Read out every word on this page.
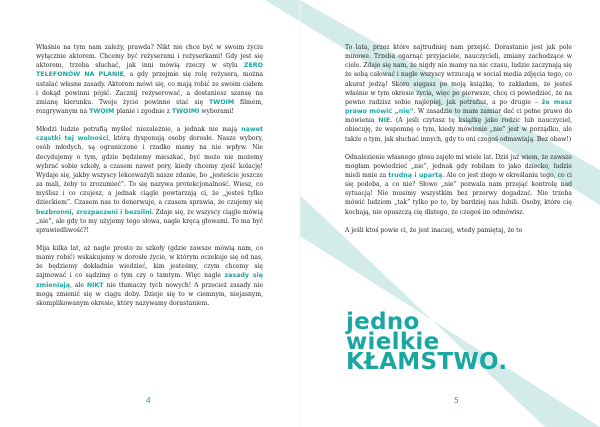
Właśnie na tym nam zależy, prawda? Nikt nie chce być w swoim życiu wyłącznie aktorem. Chcemy być reżyserami i reżyserkami! Gdy jest się aktorem, trzeba słuchać, jak inni mówią rzeczy w stylu ZERO TELEFONÓW NA PLANIE, a gdy przejmie się rolę reżysera, można ustalać własne zasady. Aktorom mówi się, co mają robić ze swoim ciałem i dokąd powinni pójść. Zacznij reżyserować, a dostaniesz szansę na zmianę kierunku. Twoje życie powinno stać się TWOIM filmem, rozgrywanym na TWOIM planie i zgodnie z TWOIMI wyborami!

Młodzi ludzie potrafią myśleć niezależnie, a jednak nie mają nawet cząstki tej wolności, którą dysponują osoby dorosłe. Nasze wybory, osób młodych, są ograniczone i rzadko mamy na nie wpływ. Nie decydujemy o tym, gdzie będziemy mieszkać, być może nie możemy wybrać sobie szkoły, a czasem nawet pory, kiedy chcemy zjeść kolację! Wydaje się, jakby wszyscy lekceważyli nasze zdanie, bo „jesteście jeszcze za mali, żeby to zrozumieć”. To się nazywa protekcjonalność. Wiesz, co myślisz i co czujesz, a jednak ciągle powtarzają ci, że „jesteś tylko dzieckiem”. Czasem nas to denerwuje, a czasem sprawia, że czujemy się bezbronni, zrozpaczeni i bezsilni. Zdaje się, że wszyscy ciągle mówią „nie”, ale gdy to my użyjemy tego słowa, nagle kręcą głowami. To ma być sprawiedliwość?!

Mija kilka lat, aż nagle prosto ze szkoły (gdzie zawsze mówią nam, co mamy robić) wskakujemy w dorosłe życie, w którym oczekuje się od nas, że będziemy dokładnie wiedzieć, kim jesteśmy, czym chcemy się zajmować i co sądzimy o tym czy o tamtym. Więc nagle zasady się zmieniają, ale NIKT nie tłumaczy tych nowych! A przecież zasady nie mogą zmienić się w ciągu doby. Dzieje się to w ciemnym, niejasnym, skomplikowanym okresie, który nazywamy dorastaniem.

4

To lata, przez które najtrudniej nam przejść. Dorastanie jest jak pole minowe. Trzeba ogarnąć przyjaciele, nauczycieli, zmiany zachodzące w ciele. Zdaje się nam, że nigdy nie mamy na nic czasu, ludzie zaczynają się że sobą całować i nagle wszyscy wrzucają w social media zdjęcia tego, co akurat jedzą! Skoro sięgasz po moją książkę, to zakładam, że jesteś właśnie w tym okresie życia, więc po pierwsze, chcę ci powiedzieć, że na pewno radzisz sobie najlepiej, jak potrafisz, a po drugie – że masz prawo mówić „nie”. W zasadzie to mam zamiar dać ci pełne prawo do mówienia NIE. (A jeśli czytasz tę książkę jako rodzic lub nauczyciel, obiecuję, że wspomnę o tym, kiedy mówienie „nie” jest w porządku, ale także o tym, jak słuchać innych, gdy to oni czegoś odmawiają. Bez obaw!)

Odnalezienie własnego głosu zajęło mi wiele lat. Dziś już wiem, że zawsze mogłam powiedzieć „nie”, jednak gdy robiłam to jako dziecko, ludzie mieli mnie za trudną i upartą. Ale co jest złego w określaniu tego, co ci się podoba, a co nie? Słowo „nie” pozwala nam przejąć kontrolę nad sytuacją! Nie musimy wszystkim bez przerwy dogadzać. Nie trzeba mówić ludziom „tak” tylko po to, by bardziej nas lubili. Osoby, które cię kochają, nie opuszczą cię dlatego, że czegoś im odmówisz.

A jeśli ktoś powie ci, że jest inaczej, wtedy pamiętaj, że to

5
jedno
wielkie
KŁAMSTWO.
